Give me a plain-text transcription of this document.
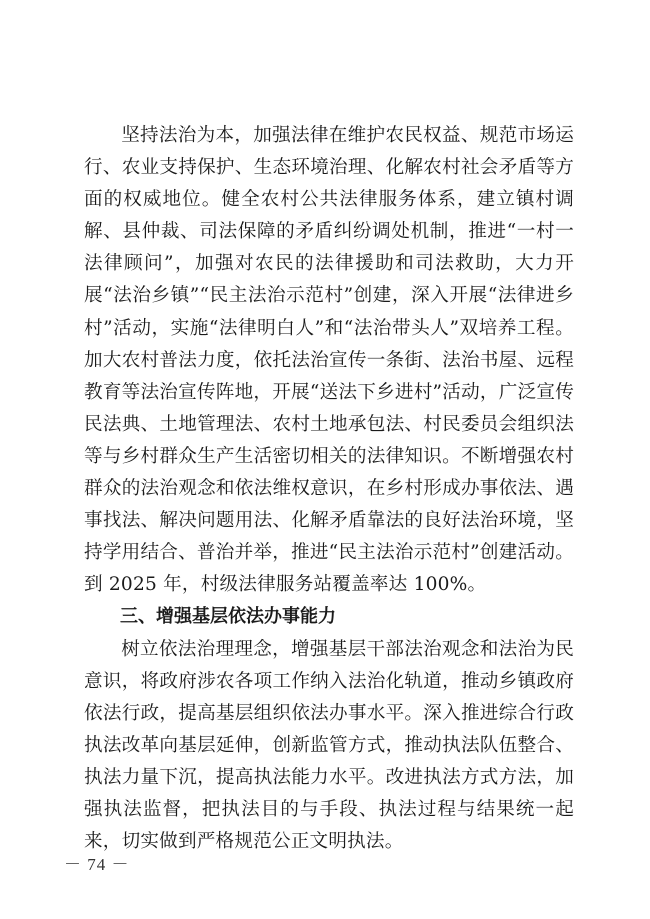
坚持法治为本，加强法律在维护农民权益、规范市场运行、农业支持保护、生态环境治理、化解农村社会矛盾等方面的权威地位。健全农村公共法律服务体系，建立镇村调解、县仲裁、司法保障的矛盾纠纷调处机制，推进“一村一法律顾问”，加强对农民的法律援助和司法救助，大力开展“法治乡镇”“民主法治示范村”创建，深入开展“法律进乡村”活动，实施“法律明白人”和“法治带头人”双培养工程。加大农村普法力度，依托法治宣传一条街、法治书屋、远程教育等法治宣传阵地，开展“送法下乡进村”活动，广泛宣传民法典、土地管理法、农村土地承包法、村民委员会组织法等与乡村群众生产生活密切相关的法律知识。不断增强农村群众的法治观念和依法维权意识，在乡村形成办事依法、遇事找法、解决问题用法、化解矛盾靠法的良好法治环境，坚持学用结合、普治并举，推进“民主法治示范村”创建活动。到 2025 年，村级法律服务站覆盖率达 100%。

三、增强基层依法办事能力

树立依法治理理念，增强基层干部法治观念和法治为民意识，将政府涉农各项工作纳入法治化轨道，推动乡镇政府依法行政，提高基层组织依法办事水平。深入推进综合行政执法改革向基层延伸，创新监管方式，推动执法队伍整合、执法力量下沉，提高执法能力水平。改进执法方式方法，加强执法监督，把执法目的与手段、执法过程与结果统一起来，切实做到严格规范公正文明执法。

－ 74 －
